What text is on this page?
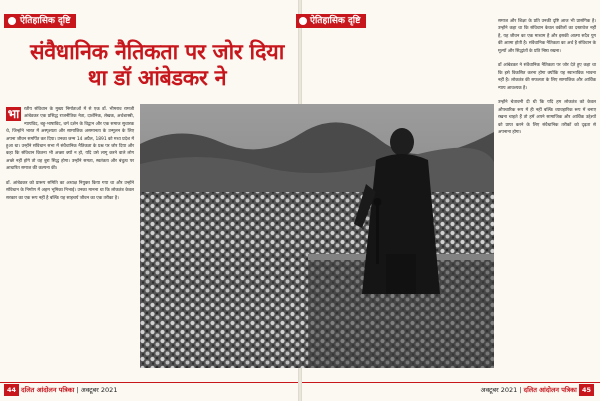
ऐतिहासिक दृष्टि
संवैधानिक नैतिकता पर जोर दिया था डॉ आंबेडकर ने
भा	रतीय संविधान के मुख्य निर्माताओं में से एक डॉ. भीमराव रामजी आंबेडकर एक प्रसिद्ध राजनीतिक नेता, दार्शनिक, लेखक, अर्थशास्त्री, न्यायविद, बहु-भाषाविद, धर्म दर्शन के विद्वान और एक समाज सुधारक थे, जिन्होंने भारत में अस्पृश्यता और सामाजिक असमानता के उन्मूलन के लिए अपना जीवन समर्पित कर दिया। उनका जन्म 14 अप्रैल, 1891 को मध्य प्रदेश में हुआ था। उन्होंने संविधान सभा में संवैधानिक नैतिकता के प्रश्न पर जोर दिया और कहा कि संविधान कितना भी अच्छा क्यों न हो, यदि उसे लागू करने वाले लोग अच्छे नहीं होंगे तो वह बुरा सिद्ध होगा। उन्होंने समता, स्वतंत्रता और बंधुत्व पर आधारित समाज की कल्पना की।

डॉ. आंबेडकर को प्रारूप समिति का अध्यक्ष नियुक्त किया गया था और उन्होंने संविधान के निर्माण में अहम भूमिका निभाई। उनका मानना था कि लोकतंत्र केवल सरकार का एक रूप नहीं है बल्कि यह साहचर्य जीवन का एक तरीका है।
44 दलित आंदोलन पत्रिका | अक्टूबर 2021
ऐतिहासिक दृष्टि	समाज और शिक्षा के प्रति उनकी दृष्टि आज भी प्रासंगिक है। उन्होंने कहा था कि संविधान केवल वकीलों का दस्तावेज नहीं है, यह जीवन का एक माध्यम है और इसकी आत्मा सदैव युग की आत्मा होती है। संवैधानिक नैतिकता का अर्थ है संविधान के मूल्यों और सिद्धांतों के प्रति निष्ठा रखना।

डॉ आंबेडकर ने संवैधानिक नैतिकता पर जोर देते हुए कहा था कि इसे विकसित करना होगा क्योंकि यह स्वाभाविक भावना नहीं है। लोकतंत्र की सफलता के लिए सामाजिक और आर्थिक न्याय आवश्यक है।

उन्होंने चेतावनी दी थी कि यदि हम लोकतंत्र को केवल औपचारिक रूप में ही नहीं बल्कि व्यावहारिक रूप में बनाए रखना चाहते हैं तो हमें अपने सामाजिक और आर्थिक उद्देश्यों को प्राप्त करने के लिए संवैधानिक तरीकों को दृढ़ता से अपनाना होगा।
अक्टूबर 2021 | दलित आंदोलन पत्रिका 45
